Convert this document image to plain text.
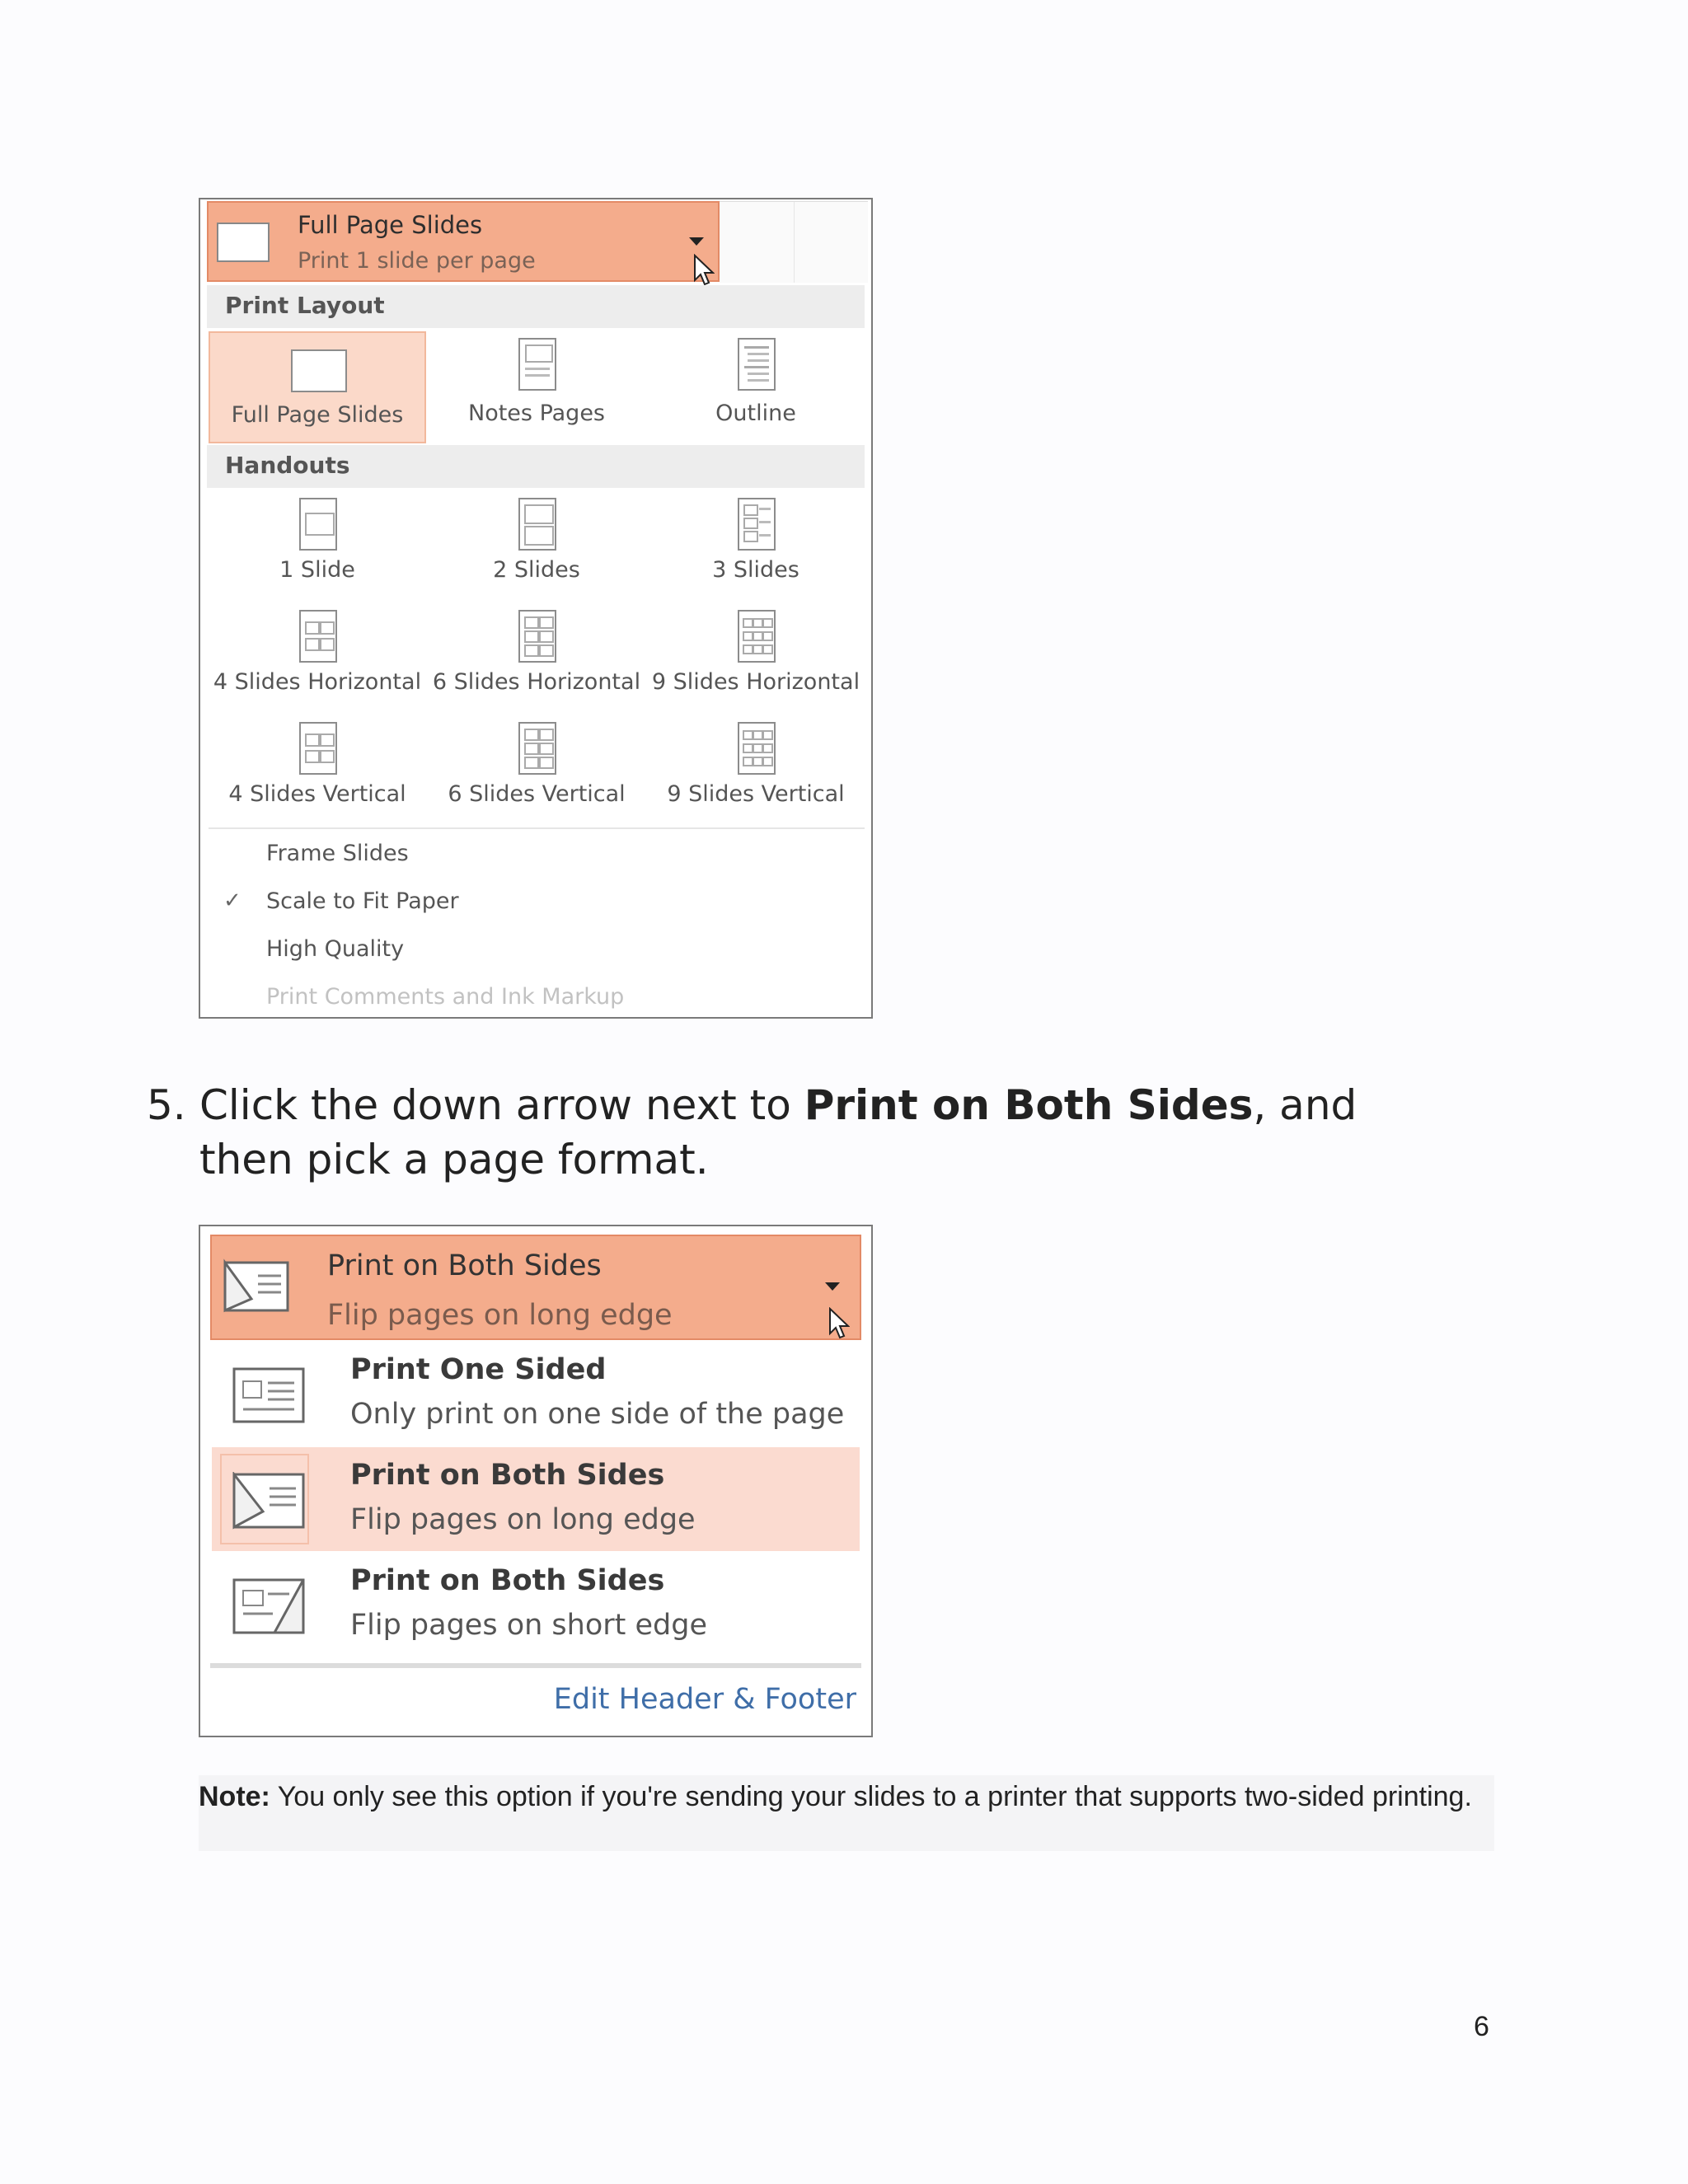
Full Page Slides
Print 1 slide per page
Print Layout
Full Page Slides	Notes Pages	Outline
Handouts
1 Slide	2 Slides	3 Slides
4 Slides Horizontal 6 Slides Horizontal 9 Slides Horizontal
4 Slides Vertical	6 Slides Vertical	9 Slides Vertical
Frame Slides
✓ Scale to Fit Paper
High Quality
Print Comments and Ink Markup
5. Click the down arrow next to Print on Both Sides, and then pick a page format.
Print on Both Sides
Flip pages on long edge
Print One Sided
Only print on one side of the page
Print on Both Sides
Flip pages on long edge
Print on Both Sides
Flip pages on short edge
Edit Header & Footer
Note: You only see this option if you're sending your slides to a printer that supports two-sided printing.
6
